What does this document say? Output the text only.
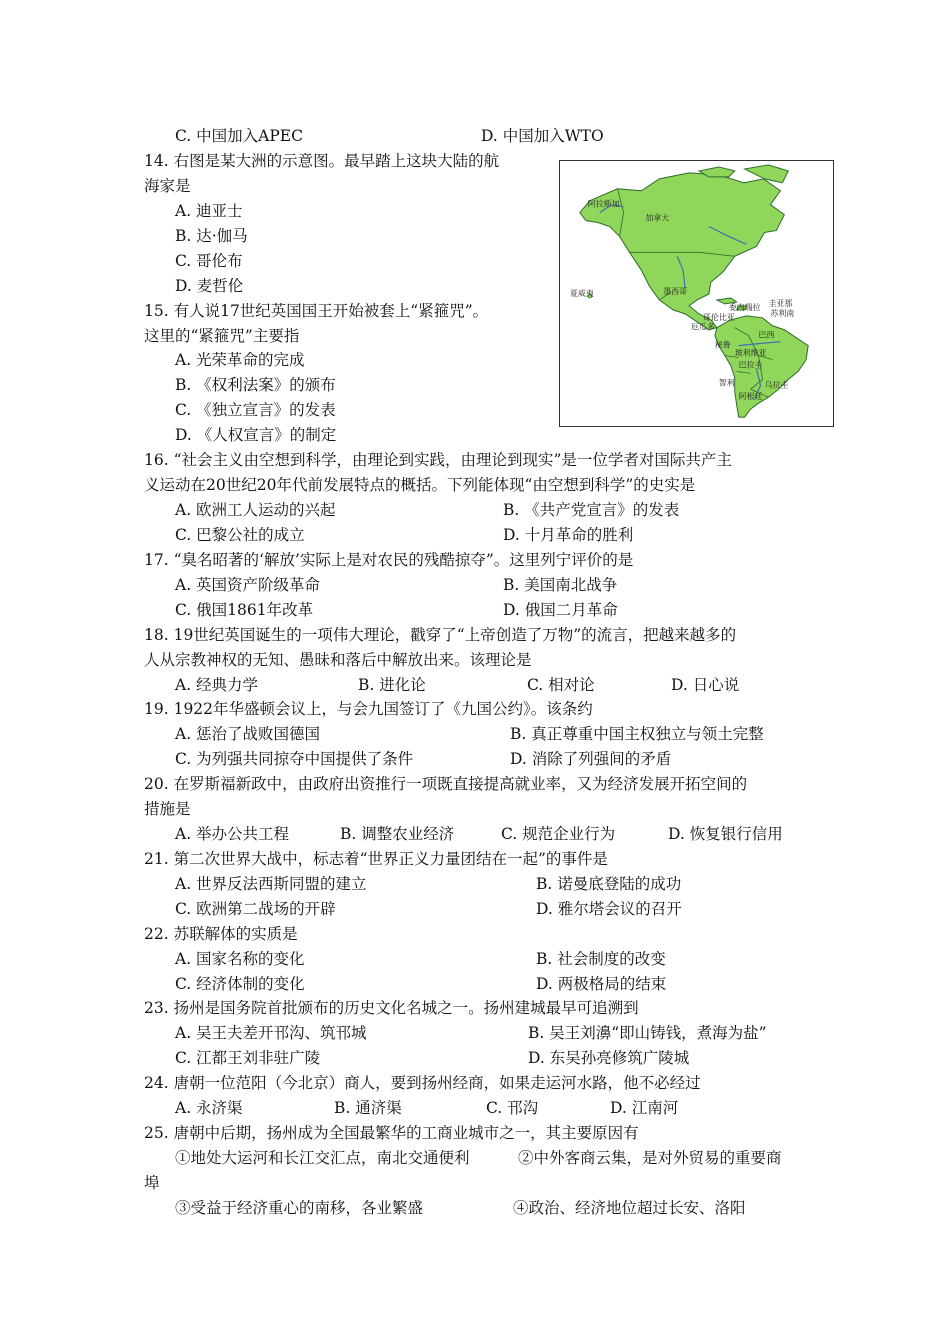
C. 中国加入APEC	D. 中国加入WTO
14. 右图是某大洲的示意图。最早踏上这块大陆的航
海家是
A. 迪亚士
B. 达·伽马
C. 哥伦布
D. 麦哲伦
15. 有人说17世纪英国国王开始被套上“紧箍咒”。
这里的“紧箍咒”主要指
A. 光荣革命的完成
B. 《权利法案》的颁布
C. 《独立宣言》的发表
D. 《人权宣言》的制定
阿拉斯加
加拿大
夏威夷	墨西哥
委内瑞拉 圭亚那
苏利南
哥伦比亚
厄瓜多
巴西
秘鲁
玻利维亚
巴拉圭
乌拉圭
智利
阿根廷
16. “社会主义由空想到科学，由理论到实践，由理论到现实”是一位学者对国际共产主
义运动在20世纪20年代前发展特点的概括。下列能体现“由空想到科学”的史实是
A. 欧洲工人运动的兴起	B. 《共产党宣言》的发表
C. 巴黎公社的成立	D. 十月革命的胜利
17. “臭名昭著的‘解放’实际上是对农民的残酷掠夺”。这里列宁评价的是
A. 英国资产阶级革命	B. 美国南北战争
C. 俄国1861年改革	D. 俄国二月革命
18. 19世纪英国诞生的一项伟大理论，戳穿了“上帝创造了万物”的流言，把越来越多的
人从宗教神权的无知、愚昧和落后中解放出来。该理论是
A. 经典力学	B. 进化论	C. 相对论	D. 日心说
19. 1922年华盛顿会议上，与会九国签订了《九国公约》。该条约
A. 惩治了战败国德国	B. 真正尊重中国主权独立与领土完整
C. 为列强共同掠夺中国提供了条件	D. 消除了列强间的矛盾
20. 在罗斯福新政中，由政府出资推行一项既直接提高就业率，又为经济发展开拓空间的
措施是
A. 举办公共工程	B. 调整农业经济	C. 规范企业行为	D. 恢复银行信用
21. 第二次世界大战中，标志着“世界正义力量团结在一起”的事件是
A. 世界反法西斯同盟的建立	B. 诺曼底登陆的成功
C. 欧洲第二战场的开辟	D. 雅尔塔会议的召开
22. 苏联解体的实质是
A. 国家名称的变化	B. 社会制度的改变
C. 经济体制的变化	D. 两极格局的结束
23. 扬州是国务院首批颁布的历史文化名城之一。扬州建城最早可追溯到
A. 吴王夫差开邗沟、筑邗城	B. 吴王刘濞“即山铸钱，煮海为盐”
C. 江都王刘非驻广陵	D. 东吴孙亮修筑广陵城
24. 唐朝一位范阳（今北京）商人，要到扬州经商，如果走运河水路，他不必经过
A. 永济渠	B. 通济渠	C. 邗沟	D. 江南河
25. 唐朝中后期，扬州成为全国最繁华的工商业城市之一，其主要原因有
①地处大运河和长江交汇点，南北交通便利	②中外客商云集，是对外贸易的重要商
埠
③受益于经济重心的南移，各业繁盛	④政治、经济地位超过长安、洛阳
